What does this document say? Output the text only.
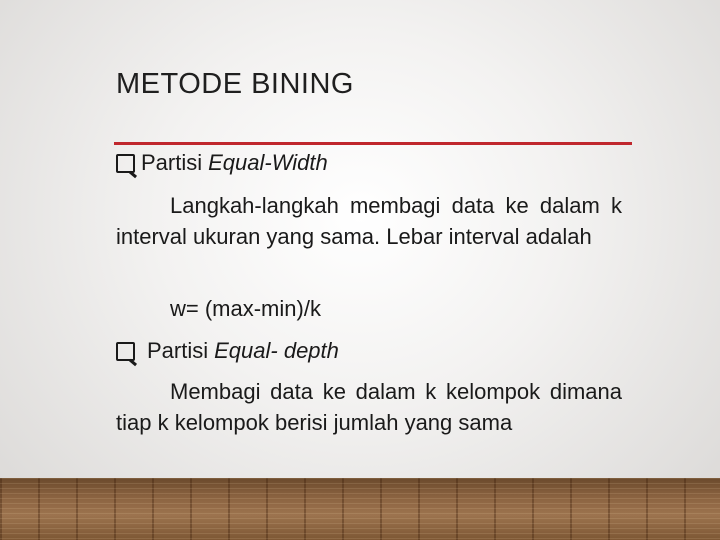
METODE BINING
Partisi Equal-Width

Langkah-langkah membagi data ke dalam k interval ukuran yang sama. Lebar interval adalah

w= (max-min)/k
Partisi Equal- depth

Membagi data ke dalam k kelompok dimana tiap k kelompok berisi jumlah yang sama
